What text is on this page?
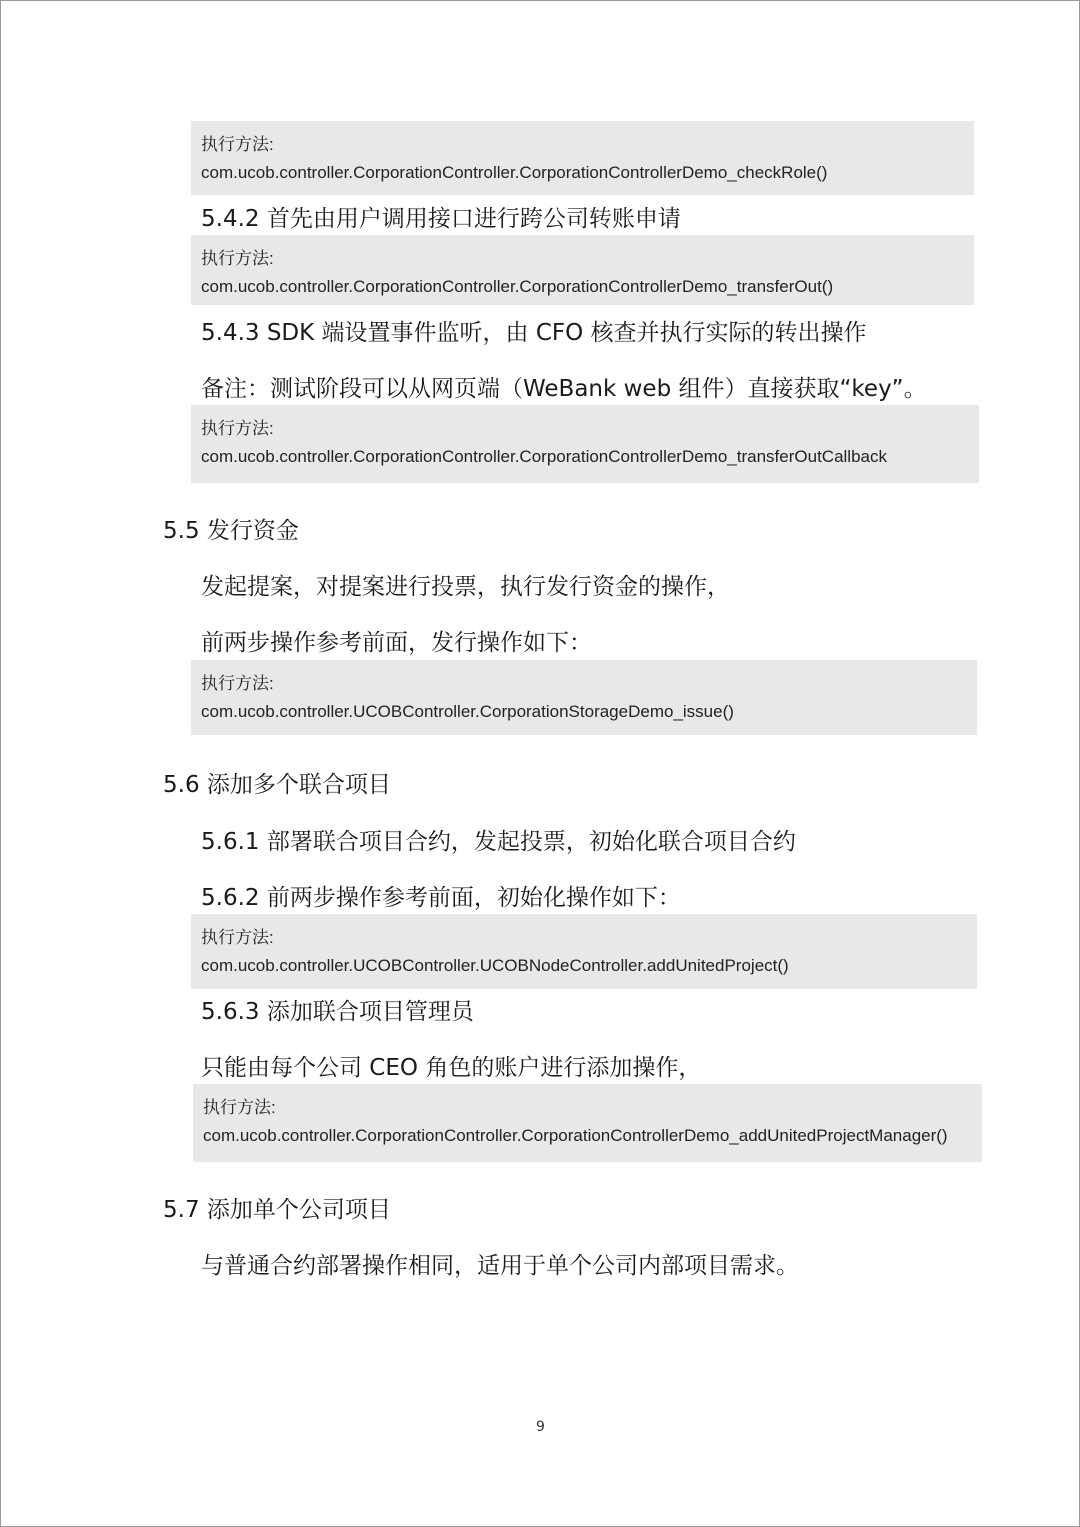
执行方法:
com.ucob.controller.CorporationController.CorporationControllerDemo_checkRole()
5.4.2 首先由用户调用接口进行跨公司转账申请
执行方法:
com.ucob.controller.CorporationController.CorporationControllerDemo_transferOut()
5.4.3 SDK 端设置事件监听，由 CFO 核查并执行实际的转出操作
备注：测试阶段可以从网页端（WeBank web 组件）直接获取“key”。
执行方法:
com.ucob.controller.CorporationController.CorporationControllerDemo_transferOutCallback
5.5 发行资金
发起提案，对提案进行投票，执行发行资金的操作，
前两步操作参考前面，发行操作如下：
执行方法:
com.ucob.controller.UCOBController.CorporationStorageDemo_issue()
5.6 添加多个联合项目
5.6.1 部署联合项目合约，发起投票，初始化联合项目合约
5.6.2 前两步操作参考前面，初始化操作如下：
执行方法:
com.ucob.controller.UCOBController.UCOBNodeController.addUnitedProject()
5.6.3 添加联合项目管理员
只能由每个公司 CEO 角色的账户进行添加操作，
执行方法:
com.ucob.controller.CorporationController.CorporationControllerDemo_addUnitedProjectManager()
5.7 添加单个公司项目
与普通合约部署操作相同，适用于单个公司内部项目需求。
9
